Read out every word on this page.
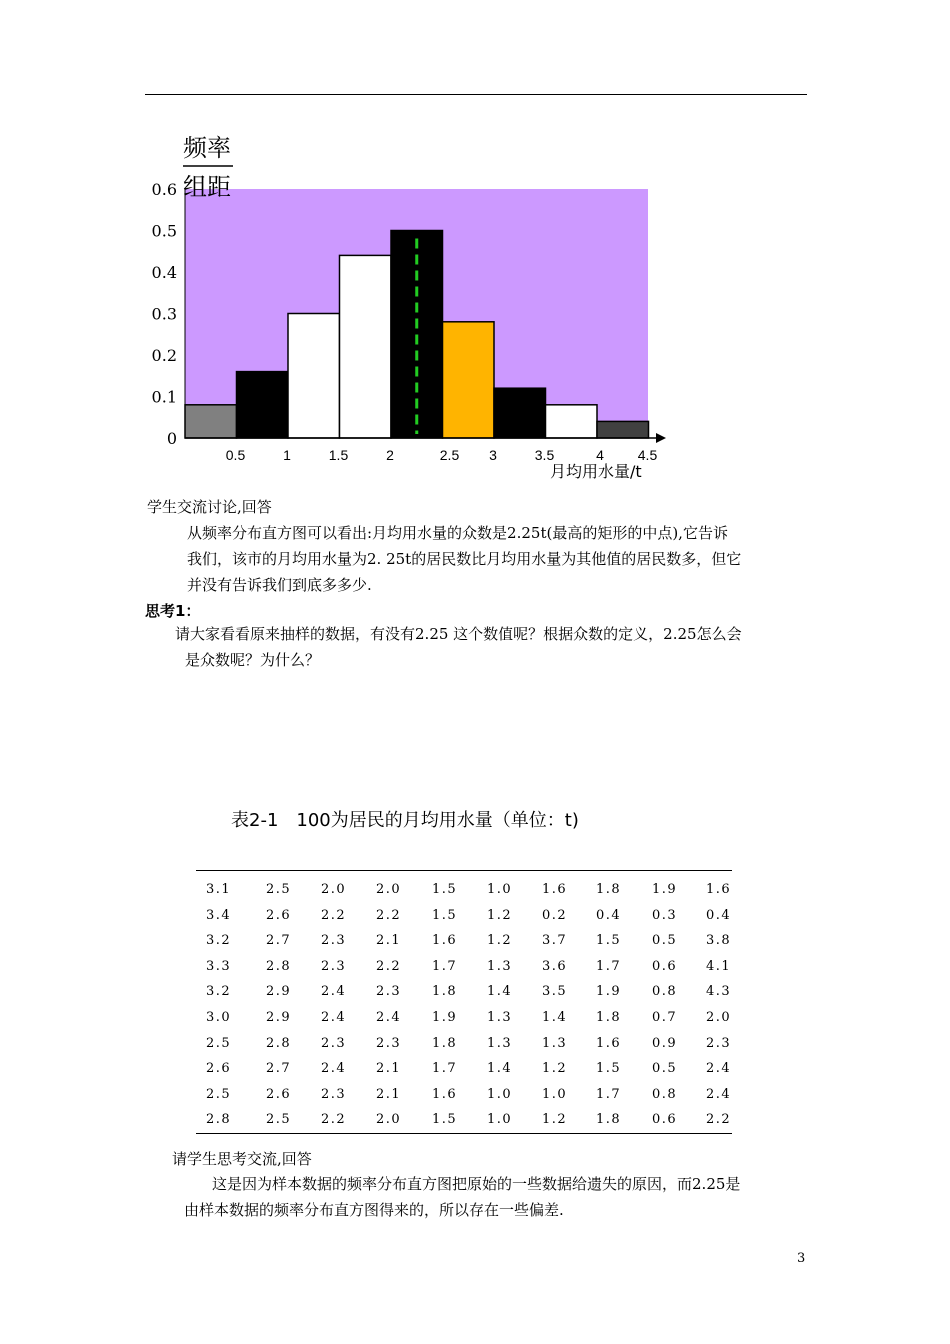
频率
组距
0
0.1
0.2
0.3
0.4
0.5
0.6
0.5	1	1.5	2	2.5 3	3.5	4 4.5
月均用水量/t
学生交流讨论,回答
从频率分布直方图可以看出:月均用水量的众数是2.25t(最高的矩形的中点),它告诉
我们，该市的月均用水量为2. 25t的居民数比月均用水量为其他值的居民数多，但它
并没有告诉我们到底多多少.
思考1：
请大家看看原来抽样的数据，有没有2.25 这个数值呢？根据众数的定义，2.25怎么会
是众数呢？为什么？
表2-1 100为居民的月均用水量（单位：t)
3.1	2.5 2.0 2.0 1.5 1.0 1.6 1.8 1.9 1.6
3.4	2.6 2.2 2.2 1.5 1.2 0.2 0.4 0.3 0.4
3.2	2.7 2.3 2.1 1.6 1.2 3.7 1.5 0.5 3.8
3.3	2.8 2.3 2.2 1.7 1.3 3.6 1.7 0.6 4.1
3.2	2.9 2.4 2.3 1.8 1.4 3.5 1.9 0.8 4.3
3.0	2.9 2.4 2.4 1.9 1.3 1.4 1.8 0.7 2.0
2.5	2.8 2.3 2.3 1.8 1.3 1.3 1.6 0.9 2.3
2.6	2.7 2.4 2.1 1.7 1.4 1.2 1.5 0.5 2.4
2.5	2.6 2.3 2.1 1.6 1.0 1.0 1.7 0.8 2.4
2.8	2.5 2.2 2.0 1.5 1.0 1.2 1.8 0.6 2.2
请学生思考交流,回答
这是因为样本数据的频率分布直方图把原始的一些数据给遗失的原因，而2.25是
由样本数据的频率分布直方图得来的，所以存在一些偏差.
3
